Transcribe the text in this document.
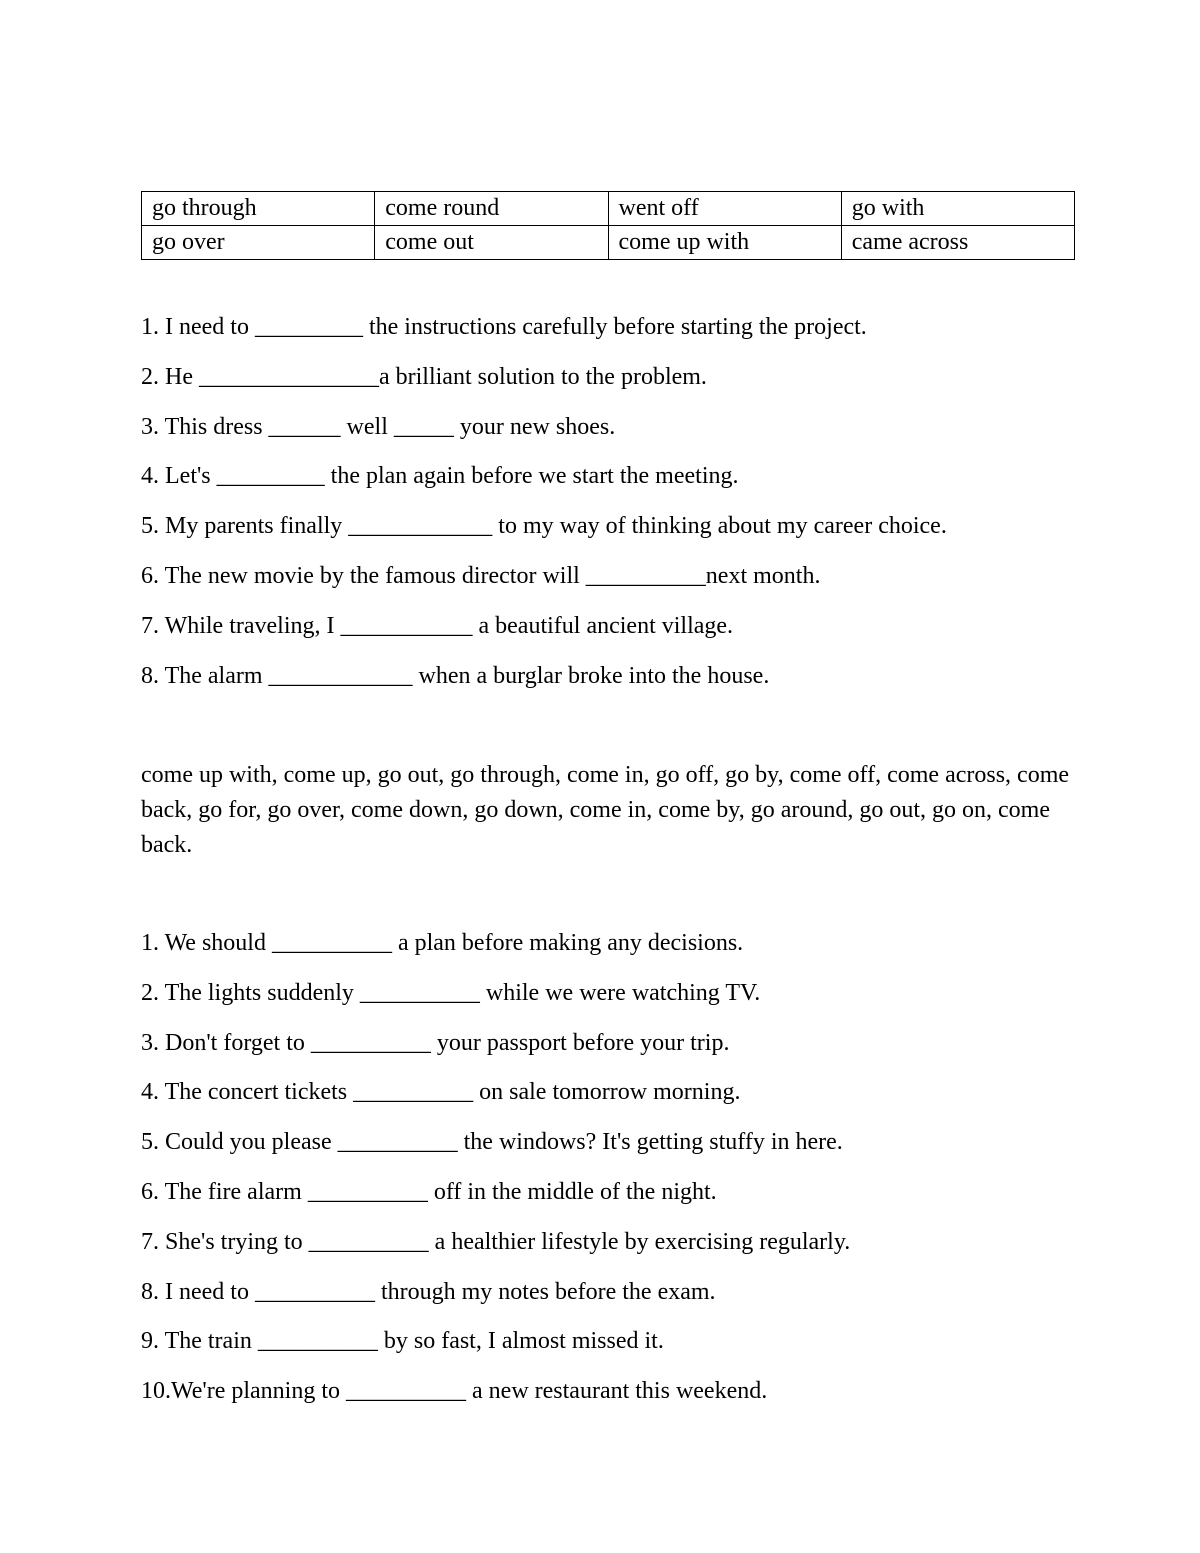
go through	come round	went off	go with
go over	come out	come up with	came across
1. I need to _________ the instructions carefully before starting the project.
2. He _______________a brilliant solution to the problem.
3. This dress ______ well _____ your new shoes.
4. Let's _________ the plan again before we start the meeting.
5. My parents finally ____________ to my way of thinking about my career choice.
6. The new movie by the famous director will __________next month.
7. While traveling, I ___________ a beautiful ancient village.
8. The alarm ____________ when a burglar broke into the house.
come up with, come up, go out, go through, come in, go off, go by, come off, come across, come back, go for, go over, come down, go down, come in, come by, go around, go out, go on, come back.
1. We should __________ a plan before making any decisions.
2. The lights suddenly __________ while we were watching TV.
3. Don't forget to __________ your passport before your trip.
4. The concert tickets __________ on sale tomorrow morning.
5. Could you please __________ the windows? It's getting stuffy in here.
6. The fire alarm __________ off in the middle of the night.
7. She's trying to __________ a healthier lifestyle by exercising regularly.
8. I need to __________ through my notes before the exam.
9. The train __________ by so fast, I almost missed it.
10.We're planning to __________ a new restaurant this weekend.
